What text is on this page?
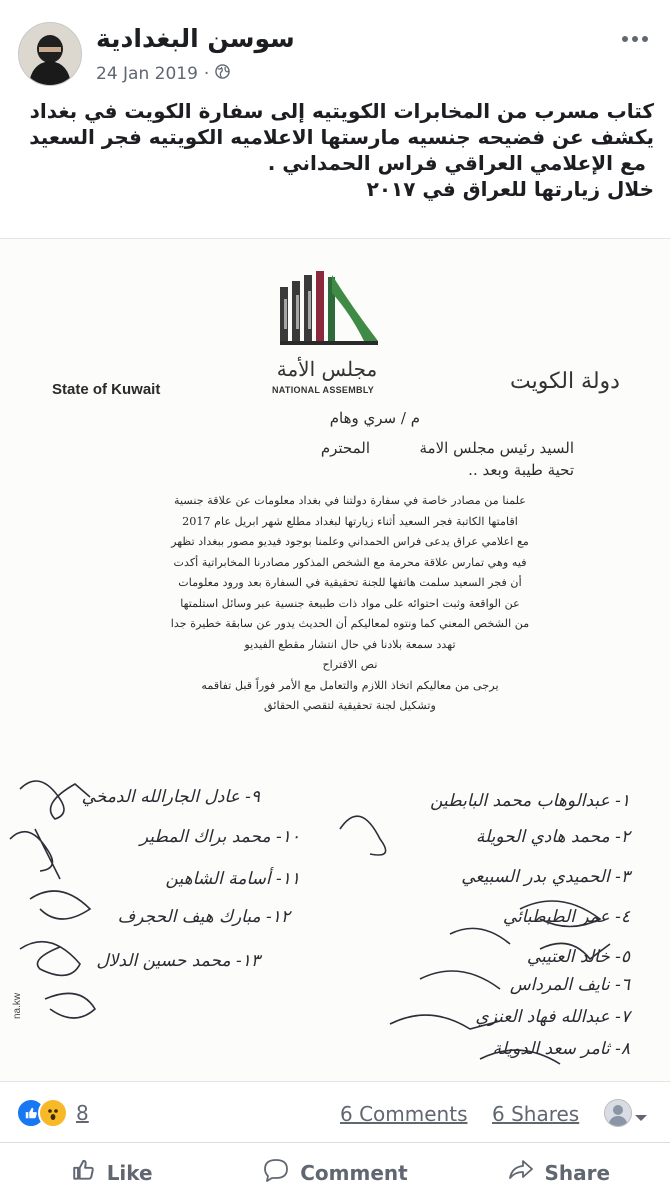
سوسن البغدادية
24 Jan 2019 ·
كتاب مسرب من المخابرات الكويتيه إلى سفارة الكويت في بغداد
يكشف عن فضيحه جنسيه مارستها الاعلاميه الكويتيه فجر السعيد
مع الإعلامي العراقي فراس الحمداني .
خلال زيارتها للعراق في ٢٠١٧
مجلس الأمة
NATIONAL ASSEMBLY
State of Kuwait	دولة الكويت
م / سري وهام
السيد رئيس مجلس الامة
المحترم
تحية طيبة وبعد ..
علمنا من مصادر خاصة في سفارة دولتنا في بغداد معلومات عن علاقة جنسية
اقامتها الكاتبة فجر السعيد أثناء زيارتها لبغداد مطلع شهر ابريل عام 2017
مع اعلامي عراق يدعى فراس الحمداني وعلمنا بوجود فيديو مصور ببغداد تظهر
فيه وهي تمارس علاقة محرمة مع الشخص المذكور مصادرنا المخابراتية أكدت
أن فجر السعيد سلمت هاتفها للجنة تحقيقية في السفارة بعد ورود معلومات
عن الواقعة وثبت احتوائه على مواد ذات طبيعة جنسية عبر وسائل استلمتها
من الشخص المعني كما ونتوه لمعاليكم أن الحديث يدور عن سابقة خطيرة جدا
تهدد سمعة بلادنا في حال انتشار مقطع الفيديو
نص الاقتراح
يرجى من معاليكم اتخاذ اللازم والتعامل مع الأمر فوراً قبل تفاقمه
وتشكيل لجنة تحقيقية لتقصي الحقائق
١- عبدالوهاب محمد البابطين
٢- محمد هادي الحويلة
٣- الحميدي بدر السبيعي
٤- عمر الطبطبائي
٥- خالد العتيبي
٦- نايف المرداس
٧- عبدالله فهاد العنزي
٨- ثامر سعد الدويلة
٩- عادل الجارالله الدمخي
١٠- محمد براك المطير
١١- أسامة الشاهين
١٢- مبارك هيف الحجرف
١٣- محمد حسين الدلال
na.kw
8	6 Comments 6 Shares
Like	Comment	Share
